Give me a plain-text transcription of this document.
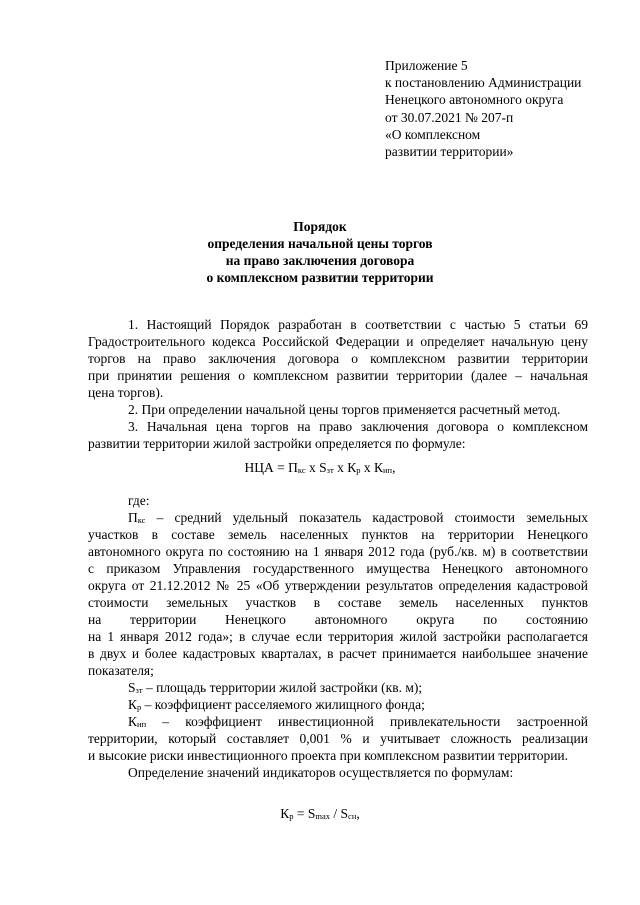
Приложение 5
к постановлению Администрации
Ненецкого автономного округа
от 30.07.2021 № 207-п
«О комплексном
развитии территории»
Порядок
определения начальной цены торгов
на право заключения договора
о комплексном развитии территории
1. Настоящий Порядок разработан в соответствии с частью 5 статьи 69
Градостроительного кодекса Российской Федерации и определяет начальную цену
торгов на право заключения договора о комплексном развитии территории
при принятии решения о комплексном развитии территории (далее – начальная
цена торгов).
2. При определении начальной цены торгов применяется расчетный метод.
3. Начальная цена торгов на право заключения договора о комплексном
развитии территории жилой застройки определяется по формуле:
НЦА = $П_{кс}$ х $S_{зт}$ х $К_р$ х $К_{ип}$,
где:
$П_{кс}$ – средний удельный показатель кадастровой стоимости земельных
участков в составе земель населенных пунктов на территории Ненецкого
автономного округа по состоянию на 1 января 2012 года (руб./кв. м) в соответствии
с приказом Управления государственного имущества Ненецкого автономного
округа от 21.12.2012 № 25 «Об утверждении результатов определения кадастровой
стоимости земельных участков в составе земель населенных пунктов
на территории Ненецкого автономного округа по состоянию
на 1 января 2012 года»; в случае если территория жилой застройки располагается
в двух и более кадастровых кварталах, в расчет принимается наибольшее значение
показателя;
$S_{зт}$ – площадь территории жилой застройки (кв. м);
$К_р$ – коэффициент расселяемого жилищного фонда;
$К_{ип}$ – коэффициент инвестиционной привлекательности застроенной
территории, который составляет 0,001 % и учитывает сложность реализации
и высокие риски инвестиционного проекта при комплексном развитии территории.
Определение значений индикаторов осуществляется по формулам:
$К_р = S_{max} / S_{сн}$,
